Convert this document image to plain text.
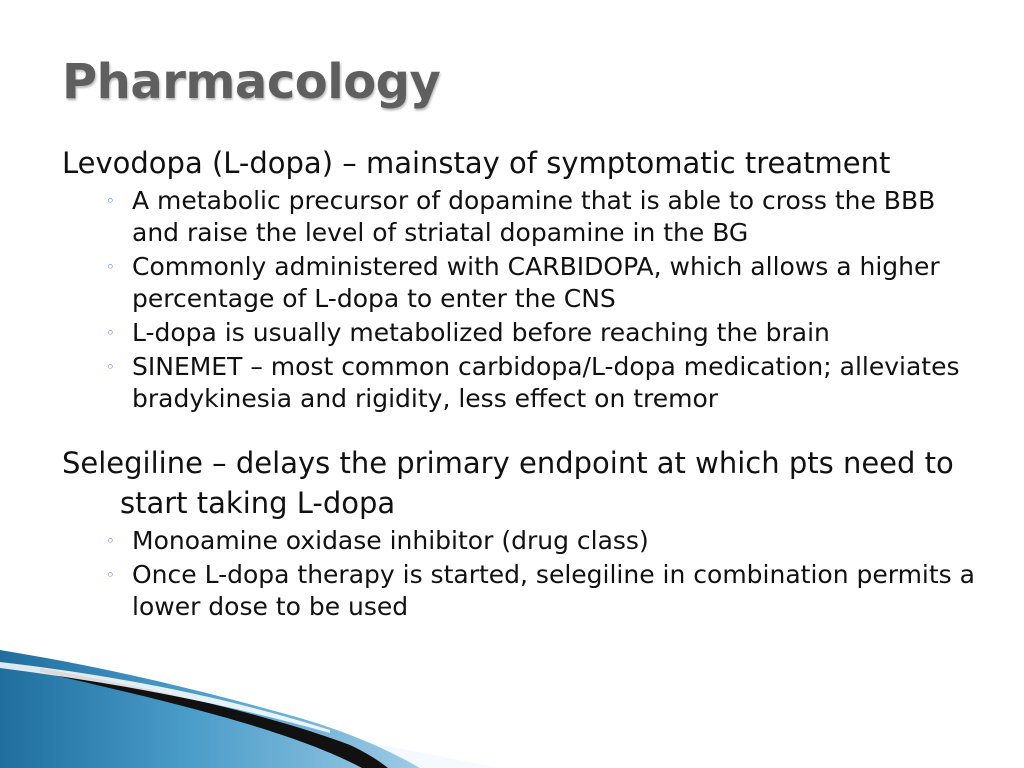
Pharmacology

Levodopa (L-dopa) – mainstay of symptomatic treatment

◦ A metabolic precursor of dopamine that is able to cross the BBB and raise the level of striatal dopamine in the BG
◦ Commonly administered with CARBIDOPA, which allows a higher percentage of L-dopa to enter the CNS
◦ L-dopa is usually metabolized before reaching the brain
◦ SINEMET – most common carbidopa/L-dopa medication; alleviates bradykinesia and rigidity, less effect on tremor

Selegiline – delays the primary endpoint at which pts need to start taking L-dopa

◦ Monoamine oxidase inhibitor (drug class)
◦ Once L-dopa therapy is started, selegiline in combination permits a lower dose to be used
